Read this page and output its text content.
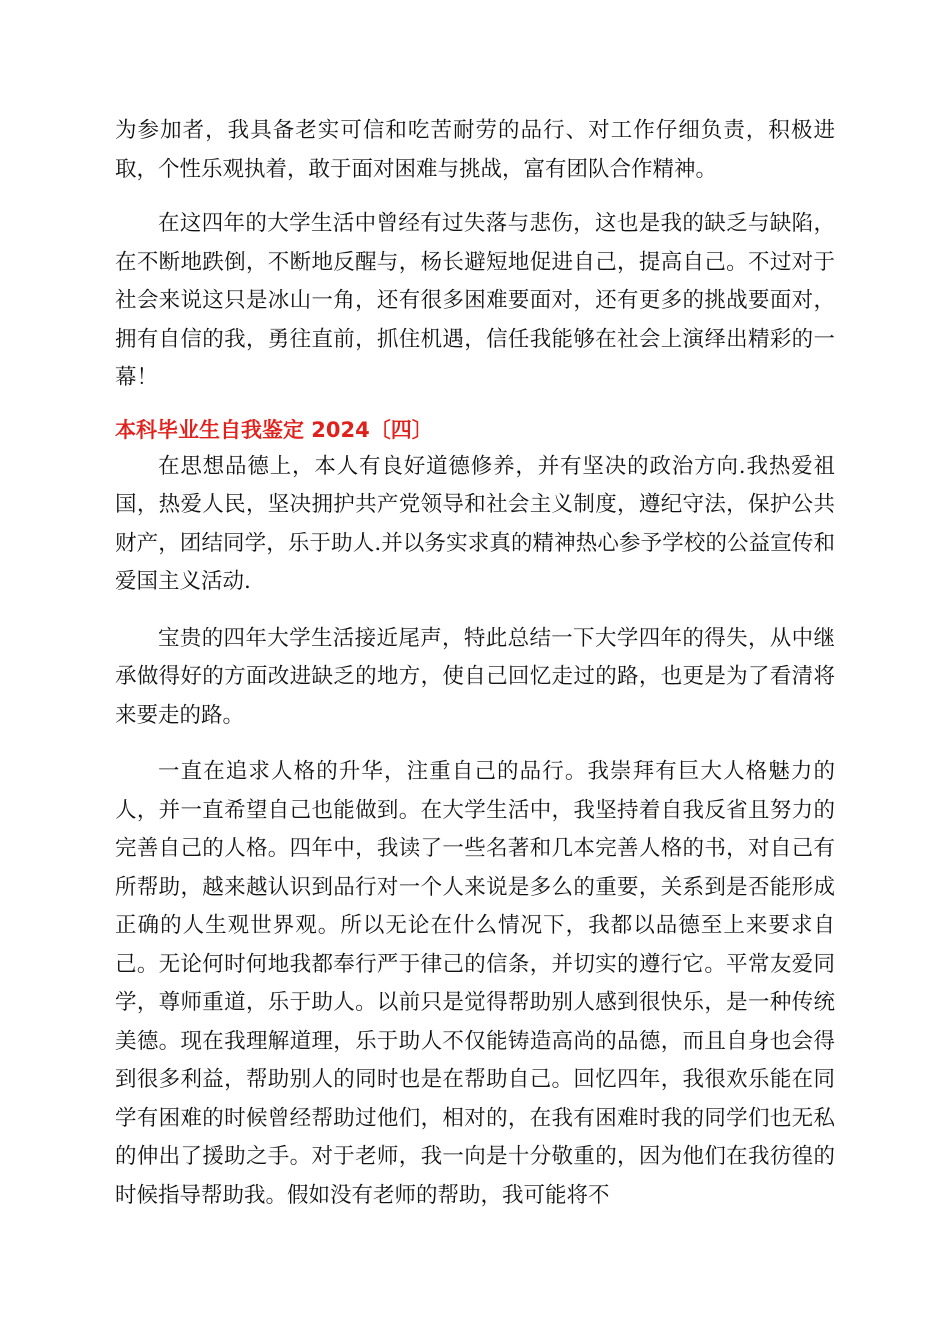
为参加者，我具备老实可信和吃苦耐劳的品行、对工作仔细负责，积极进取，个性乐观执着，敢于面对困难与挑战，富有团队合作精神。

在这四年的大学生活中曾经有过失落与悲伤，这也是我的缺乏与缺陷，在不断地跌倒，不断地反醒与，杨长避短地促进自己，提高自己。不过对于社会来说这只是冰山一角，还有很多困难要面对，还有更多的挑战要面对，拥有自信的我，勇往直前，抓住机遇，信任我能够在社会上演绎出精彩的一幕！

本科毕业生自我鉴定 2024〔四〕

在思想品德上，本人有良好道德修养，并有坚决的政治方向.我热爱祖国，热爱人民，坚决拥护共产党领导和社会主义制度，遵纪守法，保护公共财产，团结同学，乐于助人.并以务实求真的精神热心参予学校的公益宣传和爱国主义活动.

宝贵的四年大学生活接近尾声，特此总结一下大学四年的得失，从中继承做得好的方面改进缺乏的地方，使自己回忆走过的路，也更是为了看清将来要走的路。

一直在追求人格的升华，注重自己的品行。我崇拜有巨大人格魅力的人，并一直希望自己也能做到。在大学生活中，我坚持着自我反省且努力的完善自己的人格。四年中，我读了一些名著和几本完善人格的书，对自己有所帮助，越来越认识到品行对一个人来说是多么的重要，关系到是否能形成正确的人生观世界观。所以无论在什么情况下，我都以品德至上来要求自己。无论何时何地我都奉行严于律己的信条，并切实的遵行它。平常友爱同学，尊师重道，乐于助人。以前只是觉得帮助别人感到很快乐，是一种传统美德。现在我理解道理，乐于助人不仅能铸造高尚的品德，而且自身也会得到很多利益，帮助别人的同时也是在帮助自己。回忆四年，我很欢乐能在同学有困难的时候曾经帮助过他们，相对的，在我有困难时我的同学们也无私的伸出了援助之手。对于老师，我一向是十分敬重的，因为他们在我彷徨的时候指导帮助我。假如没有老师的帮助，我可能将不
